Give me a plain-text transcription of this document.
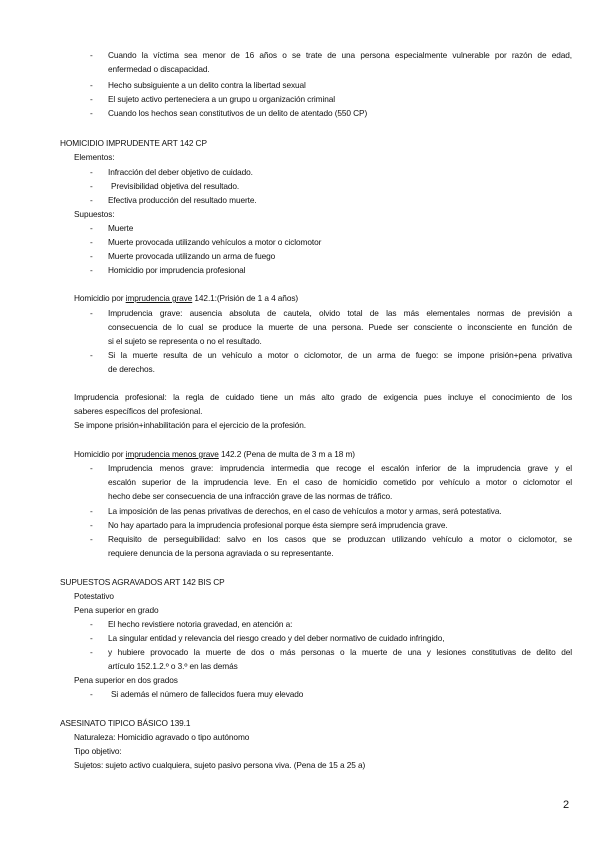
- Cuando la víctima sea menor de 16 años o se trate de una persona especialmente vulnerable por razón de edad,
enfermedad o discapacidad.
- Hecho subsiguiente a un delito contra la libertad sexual
- El sujeto activo perteneciera a un grupo u organización criminal
- Cuando los hechos sean constitutivos de un delito de atentado (550 CP)
HOMICIDIO IMPRUDENTE ART 142 CP
Elementos:
- Infracción del deber objetivo de cuidado.
- Previsibilidad objetiva del resultado.
- Efectiva producción del resultado muerte.
Supuestos:
- Muerte
- Muerte provocada utilizando vehículos a motor o ciclomotor
- Muerte provocada utilizando un arma de fuego
- Homicidio por imprudencia profesional
Homicidio por imprudencia grave 142.1:(Prisión de 1 a 4 años)
- Imprudencia grave: ausencia absoluta de cautela, olvido total de las más elementales normas de previsión a
consecuencia de lo cual se produce la muerte de una persona. Puede ser consciente o inconsciente en función de
si el sujeto se representa o no el resultado.
- Si la muerte resulta de un vehículo a motor o ciclomotor, de un arma de fuego: se impone prisión+pena privativa
de derechos.
Imprudencia profesional: la regla de cuidado tiene un más alto grado de exigencia pues incluye el conocimiento de los
saberes específicos del profesional.
Se impone prisión+inhabilitación para el ejercicio de la profesión.
Homicidio por imprudencia menos grave 142.2 (Pena de multa de 3 m a 18 m)
- Imprudencia menos grave: imprudencia intermedia que recoge el escalón inferior de la imprudencia grave y el
escalón superior de la imprudencia leve. En el caso de homicidio cometido por vehículo a motor o ciclomotor el
hecho debe ser consecuencia de una infracción grave de las normas de tráfico.
- La imposición de las penas privativas de derechos, en el caso de vehículos a motor y armas, será potestativa.
- No hay apartado para la imprudencia profesional porque ésta siempre será imprudencia grave.
- Requisito de perseguibilidad: salvo en los casos que se produzcan utilizando vehículo a motor o ciclomotor, se
requiere denuncia de la persona agraviada o su representante.
SUPUESTOS AGRAVADOS ART 142 BIS CP
Potestativo
Pena superior en grado
- El hecho revistiere notoria gravedad, en atención a:
- La singular entidad y relevancia del riesgo creado y del deber normativo de cuidado infringido,
- y hubiere provocado la muerte de dos o más personas o la muerte de una y lesiones constitutivas de delito del
artículo 152.1.2.º o 3.º en las demás
Pena superior en dos grados
- Si además el número de fallecidos fuera muy elevado
ASESINATO TIPICO BÁSICO 139.1
Naturaleza: Homicidio agravado o tipo autónomo
Tipo objetivo:
Sujetos: sujeto activo cualquiera, sujeto pasivo persona viva. (Pena de 15 a 25 a)
2
